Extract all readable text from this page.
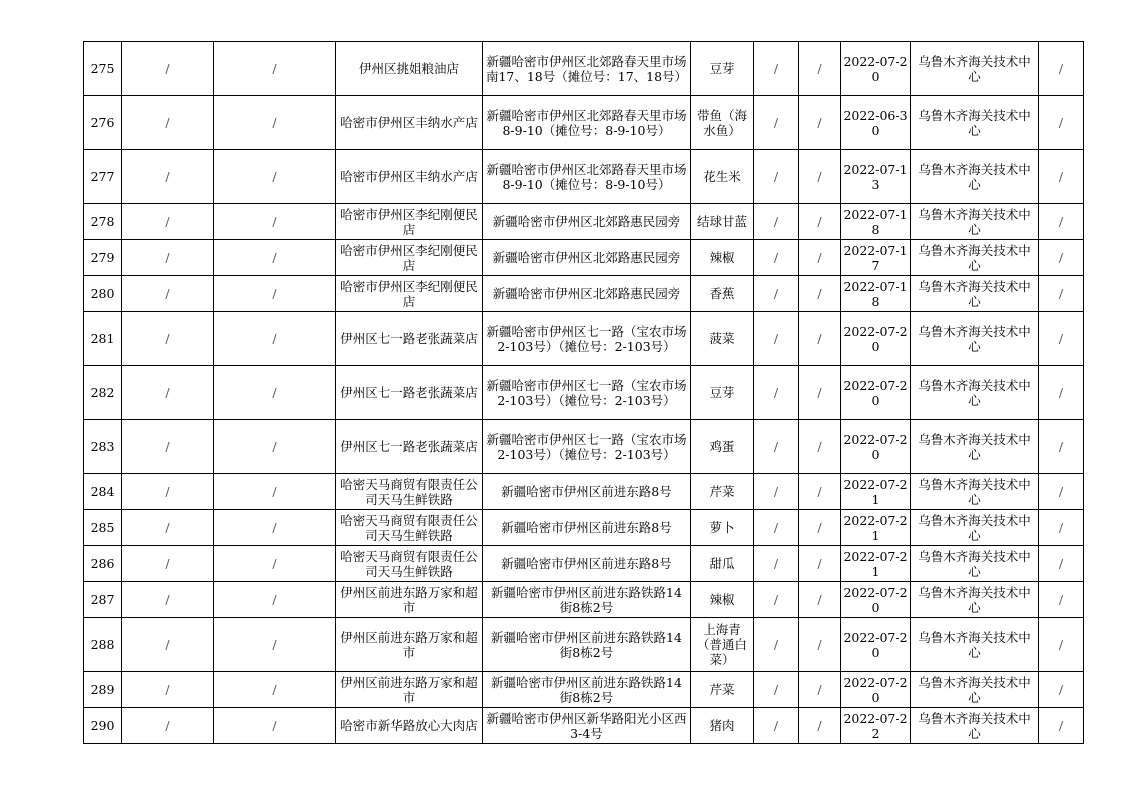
275	/	/	伊州区挑姐粮油店	新疆哈密市伊州区北郊路春天里市场南17、18号（摊位号：17、18号）	豆芽	/	/	2022-07-20	乌鲁木齐海关技术中心	/
276	/	/	哈密市伊州区丰纳水产店	新疆哈密市伊州区北郊路春天里市场8-9-10（摊位号：8-9-10号）	带鱼（海水鱼）	/	/	2022-06-30	乌鲁木齐海关技术中心	/
277	/	/	哈密市伊州区丰纳水产店	新疆哈密市伊州区北郊路春天里市场8-9-10（摊位号：8-9-10号）	花生米	/	/	2022-07-13	乌鲁木齐海关技术中心	/
278	/	/	哈密市伊州区李纪刚便民店	新疆哈密市伊州区北郊路惠民园旁	结球甘蓝	/	/	2022-07-18	乌鲁木齐海关技术中心	/
279	/	/	哈密市伊州区李纪刚便民店	新疆哈密市伊州区北郊路惠民园旁	辣椒	/	/	2022-07-17	乌鲁木齐海关技术中心	/
280	/	/	哈密市伊州区李纪刚便民店	新疆哈密市伊州区北郊路惠民园旁	香蕉	/	/	2022-07-18	乌鲁木齐海关技术中心	/
281	/	/	伊州区七一路老张蔬菜店	新疆哈密市伊州区七一路（宝农市场2-103号）（摊位号：2-103号）	菠菜	/	/	2022-07-20	乌鲁木齐海关技术中心	/
282	/	/	伊州区七一路老张蔬菜店	新疆哈密市伊州区七一路（宝农市场2-103号）（摊位号：2-103号）	豆芽	/	/	2022-07-20	乌鲁木齐海关技术中心	/
283	/	/	伊州区七一路老张蔬菜店	新疆哈密市伊州区七一路（宝农市场2-103号）（摊位号：2-103号）	鸡蛋	/	/	2022-07-20	乌鲁木齐海关技术中心	/
284	/	/	哈密天马商贸有限责任公司天马生鲜铁路	新疆哈密市伊州区前进东路8号	芹菜	/	/	2022-07-21	乌鲁木齐海关技术中心	/
285	/	/	哈密天马商贸有限责任公司天马生鲜铁路	新疆哈密市伊州区前进东路8号	萝卜	/	/	2022-07-21	乌鲁木齐海关技术中心	/
286	/	/	哈密天马商贸有限责任公司天马生鲜铁路	新疆哈密市伊州区前进东路8号	甜瓜	/	/	2022-07-21	乌鲁木齐海关技术中心	/
287	/	/	伊州区前进东路万家和超市	新疆哈密市伊州区前进东路铁路14街8栋2号	辣椒	/	/	2022-07-20	乌鲁木齐海关技术中心	/
288	/	/	伊州区前进东路万家和超市	新疆哈密市伊州区前进东路铁路14街8栋2号	上海青（普通白菜）	/	/	2022-07-20	乌鲁木齐海关技术中心	/
289	/	/	伊州区前进东路万家和超市	新疆哈密市伊州区前进东路铁路14街8栋2号	芹菜	/	/	2022-07-20	乌鲁木齐海关技术中心	/
290	/	/	哈密市新华路放心大肉店	新疆哈密市伊州区新华路阳光小区西3-4号	猪肉	/	/	2022-07-22	乌鲁木齐海关技术中心	/
